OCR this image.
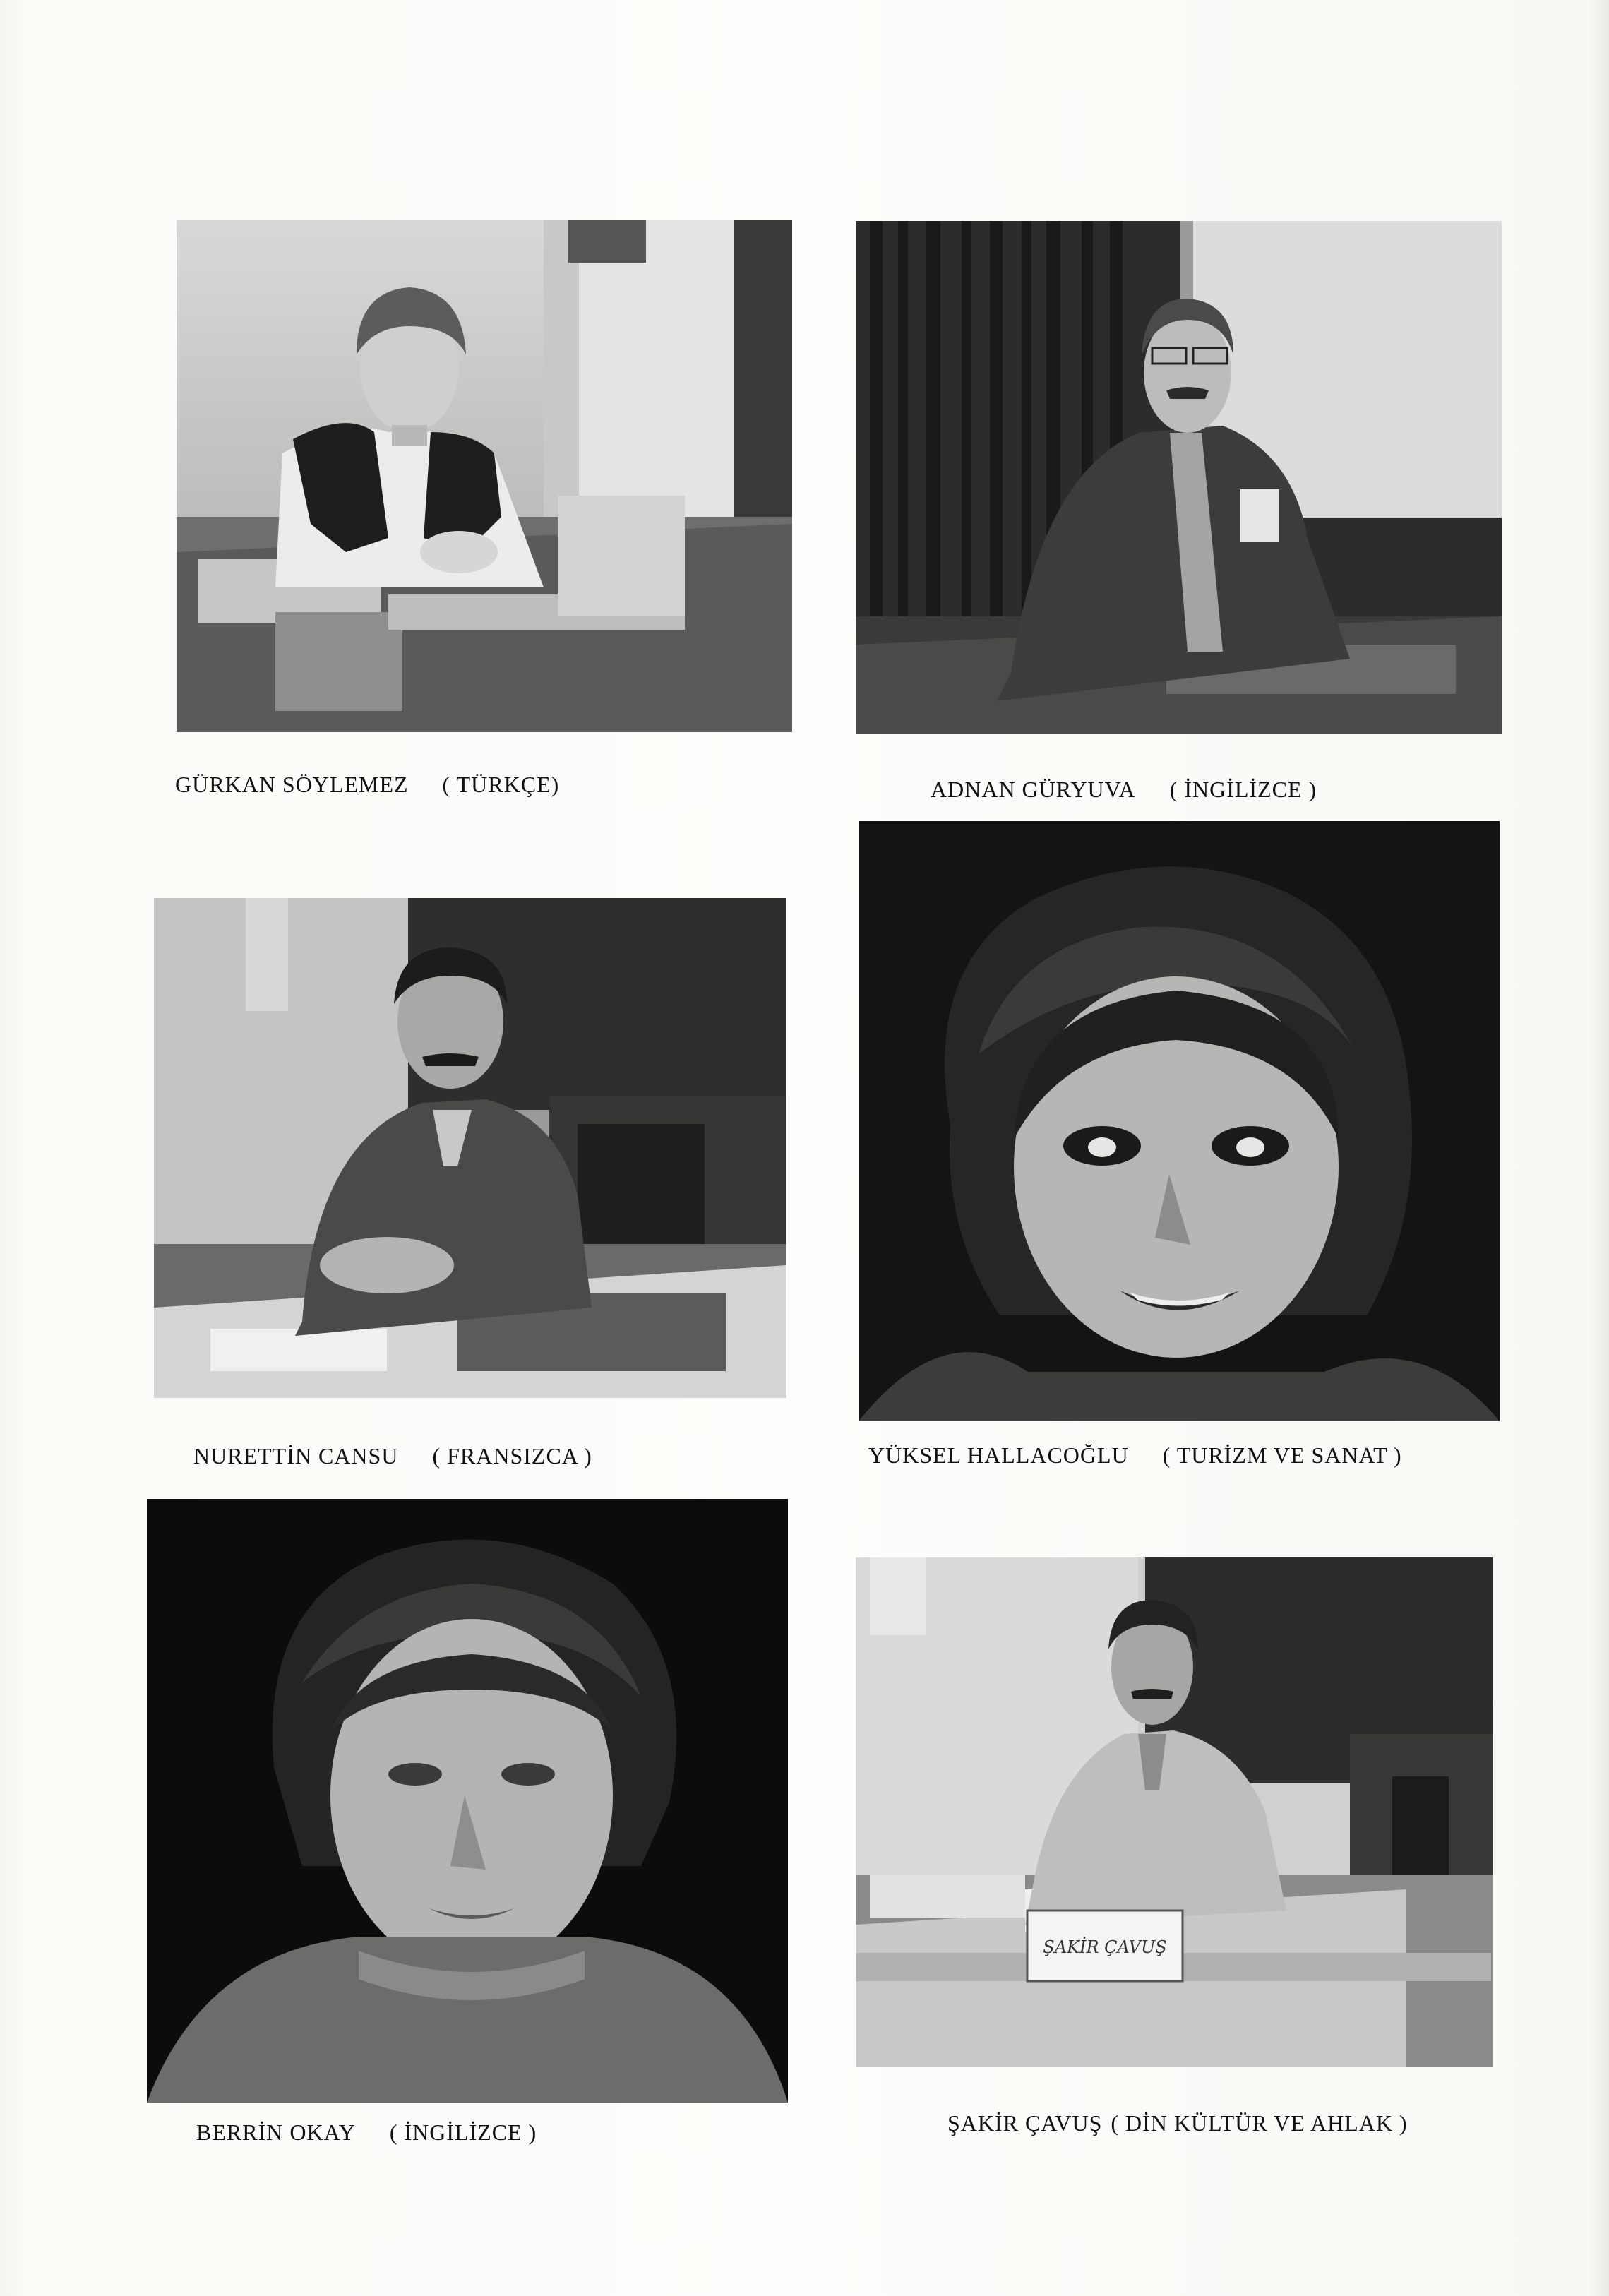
GÜRKAN SÖYLEMEZ ( TÜRKÇE)	ADNAN GÜRYUVA ( İNGİLİZCE )
NURETTİN CANSU ( FRANSIZCA )	YÜKSEL HALLACOĞLU ( TURİZM VE SANAT )
BERRİN OKAY ( İNGİLİZCE )
ŞAKİR ÇAVUŞ
ŞAKİR ÇAVUŞ ( DİN KÜLTÜR VE AHLAK )
